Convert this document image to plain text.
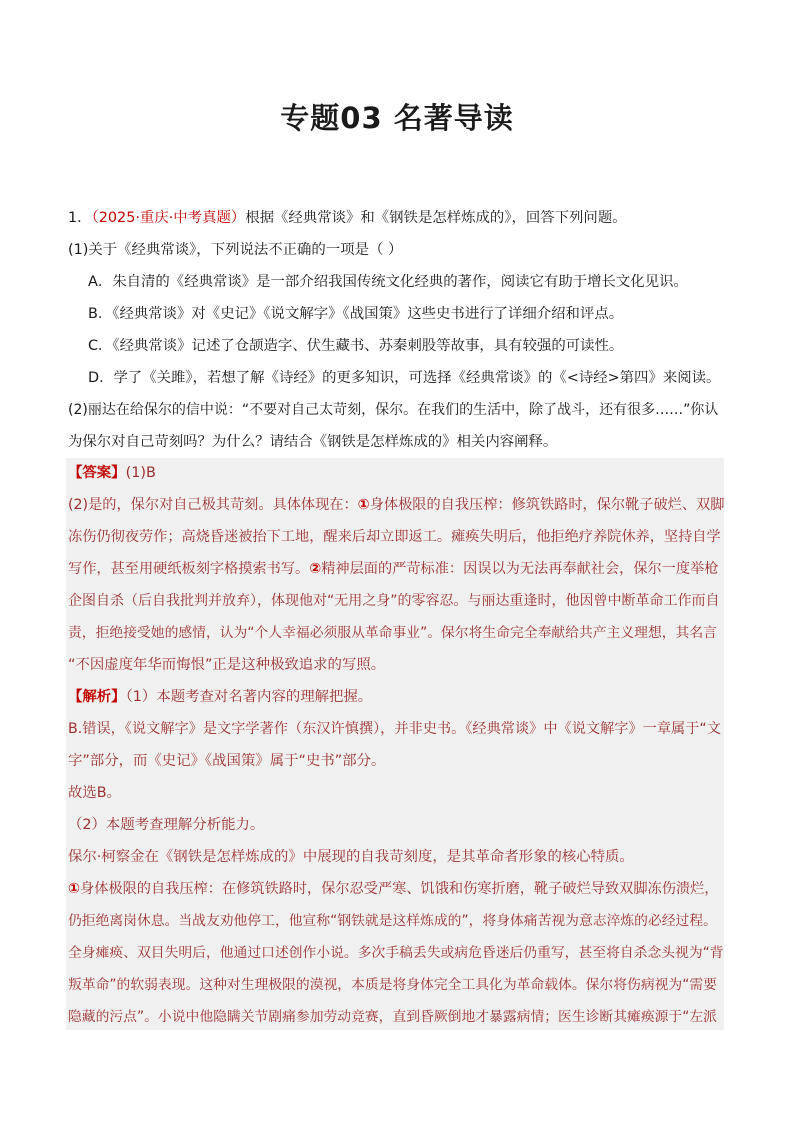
专题03 名著导读
1．（2025·重庆·中考真题）根据《经典常谈》和《钢铁是怎样炼成的》，回答下列问题。
(1)关于《经典常谈》，下列说法不正确的一项是（ ）
A．朱自清的《经典常谈》是一部介绍我国传统文化经典的著作，阅读它有助于增长文化见识。
B．《经典常谈》对《史记》《说文解字》《战国策》这些史书进行了详细介绍和评点。
C．《经典常谈》记述了仓颉造字、伏生藏书、苏秦刺股等故事，具有较强的可读性。
D．学了《关雎》，若想了解《诗经》的更多知识，可选择《经典常谈》的《<诗经>第四》来阅读。
(2)丽达在给保尔的信中说：“不要对自己太苛刻，保尔。在我们的生活中，除了战斗，还有很多……”你认
为保尔对自己苛刻吗？为什么？请结合《钢铁是怎样炼成的》相关内容阐释。
【答案】(1)B
(2)是的，保尔对自己极其苛刻。具体体现在：①身体极限的自我压榨：修筑铁路时，保尔靴子破烂、双脚
冻伤仍彻夜劳作；高烧昏迷被抬下工地，醒来后却立即返工。瘫痪失明后，他拒绝疗养院休养，坚持自学
写作，甚至用硬纸板刻字格摸索书写。②精神层面的严苛标准：因误以为无法再奉献社会，保尔一度举枪
企图自杀（后自我批判并放弃），体现他对“无用之身”的零容忍。与丽达重逢时，他因曾中断革命工作而自
责，拒绝接受她的感情，认为“个人幸福必须服从革命事业”。保尔将生命完全奉献给共产主义理想，其名言
“不因虚度年华而悔恨”正是这种极致追求的写照。
【解析】（1）本题考查对名著内容的理解把握。
B.错误，《说文解字》是文字学著作（东汉许慎撰），并非史书。《经典常谈》中《说文解字》一章属于“文
字”部分，而《史记》《战国策》属于“史书”部分。
故选B。
（2）本题考查理解分析能力。
保尔·柯察金在《钢铁是怎样炼成的》中展现的自我苛刻度，是其革命者形象的核心特质。
①身体极限的自我压榨：在修筑铁路时，保尔忍受严寒、饥饿和伤寒折磨，靴子破烂导致双脚冻伤溃烂，
仍拒绝离岗休息。当战友劝他停工，他宣称“钢铁就是这样炼成的”，将身体痛苦视为意志淬炼的必经过程。
全身瘫痪、双目失明后，他通过口述创作小说。多次手稿丢失或病危昏迷后仍重写，甚至将自杀念头视为“背
叛革命”的软弱表现。这种对生理极限的漠视，本质是将身体完全工具化为革命载体。保尔将伤病视为“需要
隐藏的污点”。小说中他隐瞒关节剧痛参加劳动竞赛，直到昏厥倒地才暴露病情；医生诊断其瘫痪源于“左派
